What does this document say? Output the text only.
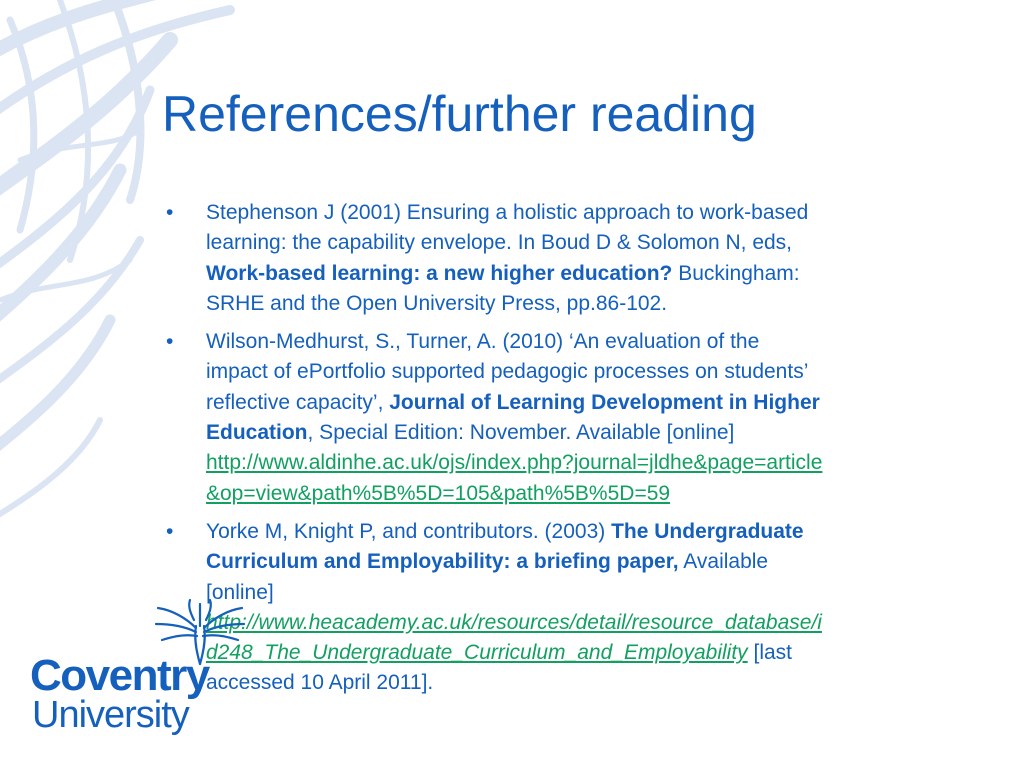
References/further reading
• Stephenson J (2001) Ensuring a holistic approach to work-based
learning: the capability envelope. In Boud D & Solomon N, eds,
Work-based learning: a new higher education? Buckingham:
SRHE and the Open University Press, pp.86-102.
• Wilson-Medhurst, S., Turner, A. (2010) ‘An evaluation of the
impact of ePortfolio supported pedagogic processes on students’
reflective capacity’, Journal of Learning Development in Higher
Education, Special Edition: November. Available [online]
http://www.aldinhe.ac.uk/ojs/index.php?journal=jldhe&page=article
&op=view&path%5B%5D=105&path%5B%5D=59
• Yorke M, Knight P, and contributors. (2003) The Undergraduate
Curriculum and Employability: a briefing paper, Available
[online]
http://www.heacademy.ac.uk/resources/detail/resource_database/i
d248_The_Undergraduate_Curriculum_and_Employability [last
accessed 10 April 2011].
Coventry
University
